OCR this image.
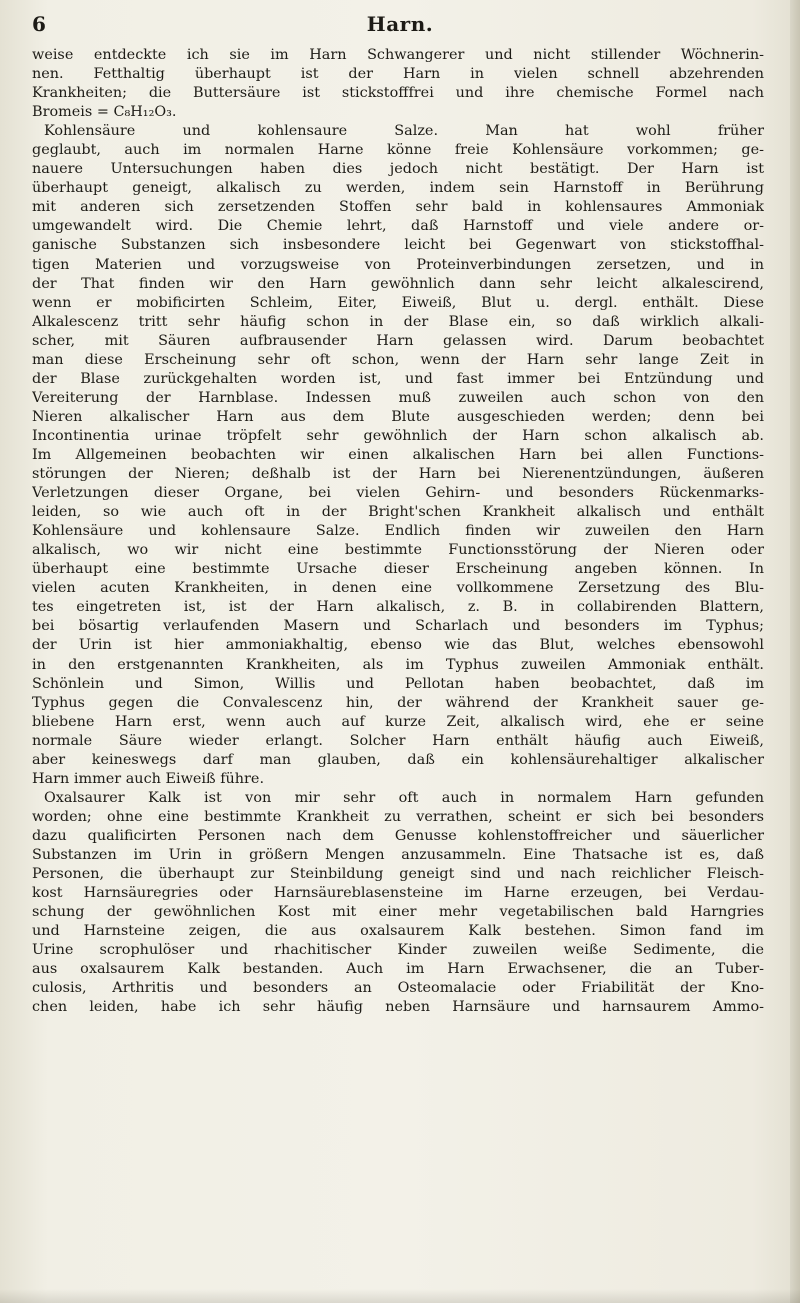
6	Harn.
weise entdeckte ich sie im Harn Schwangerer und nicht stillender Wöchnerin-
nen. Fetthaltig überhaupt ist der Harn in vielen schnell abzehrenden
Krankheiten; die Buttersäure ist stickstofffrei und ihre chemische Formel nach
Bromeis = C₈H₁₂O₃.
Kohlensäure und kohlensaure Salze. Man hat wohl früher
geglaubt, auch im normalen Harne könne freie Kohlensäure vorkommen; ge-
nauere Untersuchungen haben dies jedoch nicht bestätigt. Der Harn ist
überhaupt geneigt, alkalisch zu werden, indem sein Harnstoff in Berührung
mit anderen sich zersetzenden Stoffen sehr bald in kohlensaures Ammoniak
umgewandelt wird. Die Chemie lehrt, daß Harnstoff und viele andere or-
ganische Substanzen sich insbesondere leicht bei Gegenwart von stickstoffhal-
tigen Materien und vorzugsweise von Proteinverbindungen zersetzen, und in
der That finden wir den Harn gewöhnlich dann sehr leicht alkalescirend,
wenn er mobificirten Schleim, Eiter, Eiweiß, Blut u. dergl. enthält. Diese
Alkalescenz tritt sehr häufig schon in der Blase ein, so daß wirklich alkali-
scher, mit Säuren aufbrausender Harn gelassen wird. Darum beobachtet
man diese Erscheinung sehr oft schon, wenn der Harn sehr lange Zeit in
der Blase zurückgehalten worden ist, und fast immer bei Entzündung und
Vereiterung der Harnblase. Indessen muß zuweilen auch schon von den
Nieren alkalischer Harn aus dem Blute ausgeschieden werden; denn bei
Incontinentia urinae tröpfelt sehr gewöhnlich der Harn schon alkalisch ab.
Im Allgemeinen beobachten wir einen alkalischen Harn bei allen Functions-
störungen der Nieren; deßhalb ist der Harn bei Nierenentzündungen, äußeren
Verletzungen dieser Organe, bei vielen Gehirn- und besonders Rückenmarks-
leiden, so wie auch oft in der Bright'schen Krankheit alkalisch und enthält
Kohlensäure und kohlensaure Salze. Endlich finden wir zuweilen den Harn
alkalisch, wo wir nicht eine bestimmte Functionsstörung der Nieren oder
überhaupt eine bestimmte Ursache dieser Erscheinung angeben können. In
vielen acuten Krankheiten, in denen eine vollkommene Zersetzung des Blu-
tes eingetreten ist, ist der Harn alkalisch, z. B. in collabirenden Blattern,
bei bösartig verlaufenden Masern und Scharlach und besonders im Typhus;
der Urin ist hier ammoniakhaltig, ebenso wie das Blut, welches ebensowohl
in den erstgenannten Krankheiten, als im Typhus zuweilen Ammoniak enthält.
Schönlein und Simon, Willis und Pellotan haben beobachtet, daß im
Typhus gegen die Convalescenz hin, der während der Krankheit sauer ge-
bliebene Harn erst, wenn auch auf kurze Zeit, alkalisch wird, ehe er seine
normale Säure wieder erlangt. Solcher Harn enthält häufig auch Eiweiß,
aber keineswegs darf man glauben, daß ein kohlensäurehaltiger alkalischer
Harn immer auch Eiweiß führe.
Oxalsaurer Kalk ist von mir sehr oft auch in normalem Harn gefunden
worden; ohne eine bestimmte Krankheit zu verrathen, scheint er sich bei besonders
dazu qualificirten Personen nach dem Genusse kohlenstoffreicher und säuerlicher
Substanzen im Urin in größern Mengen anzusammeln. Eine Thatsache ist es, daß
Personen, die überhaupt zur Steinbildung geneigt sind und nach reichlicher Fleisch-
kost Harnsäuregries oder Harnsäureblasensteine im Harne erzeugen, bei Verdau-
schung der gewöhnlichen Kost mit einer mehr vegetabilischen bald Harngries
und Harnsteine zeigen, die aus oxalsaurem Kalk bestehen. Simon fand im
Urine scrophulöser und rhachitischer Kinder zuweilen weiße Sedimente, die
aus oxalsaurem Kalk bestanden. Auch im Harn Erwachsener, die an Tuber-
culosis, Arthritis und besonders an Osteomalacie oder Friabilität der Kno-
chen leiden, habe ich sehr häufig neben Harnsäure und harnsaurem Ammo-
